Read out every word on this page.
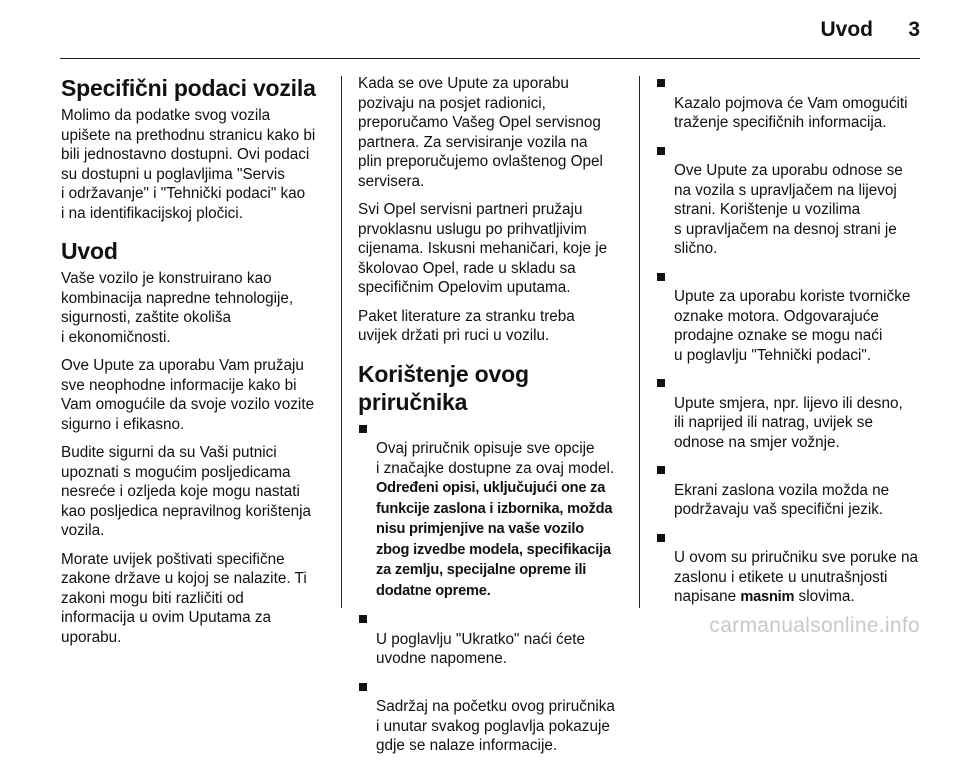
Uvod 3
Specifični podaci vozila

Molimo da podatke svog vozila
upišete na prethodnu stranicu kako bi
bili jednostavno dostupni. Ovi podaci
su dostupni u poglavljima "Servis
i održavanje" i "Tehnički podaci" kao
i na identifikacijskoj pločici.

Uvod

Vaše vozilo je konstruirano kao
kombinacija napredne tehnologije,
sigurnosti, zaštite okoliša
i ekonomičnosti.

Ove Upute za uporabu Vam pružaju
sve neophodne informacije kako bi
Vam omogućile da svoje vozilo vozite
sigurno i efikasno.

Budite sigurni da su Vaši putnici
upoznati s mogućim posljedicama
nesreće i ozljeda koje mogu nastati
kao posljedica nepravilnog korištenja
vozila.

Morate uvijek poštivati specifične
zakone države u kojoj se nalazite. Ti
zakoni mogu biti različiti od
informacija u ovim Uputama za
uporabu.

Kada se ove Upute za uporabu
pozivaju na posjet radionici,
preporučamo Vašeg Opel servisnog
partnera. Za servisiranje vozila na
plin preporučujemo ovlaštenog Opel
servisera.

Svi Opel servisni partneri pružaju
prvoklasnu uslugu po prihvatljivim
cijenama. Iskusni mehaničari, koje je
školovao Opel, rade u skladu sa
specifičnim Opelovim uputama.

Paket literature za stranku treba
uvijek držati pri ruci u vozilu.

Korištenje ovog priručnika

Ovaj priručnik opisuje sve opcije
i značajke dostupne za ovaj model.
Određeni opisi, uključujući one za
funkcije zaslona i izbornika, možda
nisu primjenjive na vaše vozilo
zbog izvedbe modela, specifikacija
za zemlju, specijalne opreme ili
dodatne opreme.

U poglavlju "Ukratko" naći ćete
uvodne napomene.

Sadržaj na početku ovog priručnika
i unutar svakog poglavlja pokazuje
gdje se nalaze informacije.

Kazalo pojmova će Vam omogućiti
traženje specifičnih informacija.

Ove Upute za uporabu odnose se
na vozila s upravljačem na lijevoj
strani. Korištenje u vozilima
s upravljačem na desnoj strani je
slično.

Upute za uporabu koriste tvorničke
oznake motora. Odgovarajuće
prodajne oznake se mogu naći
u poglavlju "Tehnički podaci".

Upute smjera, npr. lijevo ili desno,
ili naprijed ili natrag, uvijek se
odnose na smjer vožnje.

Ekrani zaslona vozila možda ne
podržavaju vaš specifični jezik.

U ovom su priručniku sve poruke na
zaslonu i etikete u unutrašnjosti
napisane masnim slovima.

carmanualsonline.info
